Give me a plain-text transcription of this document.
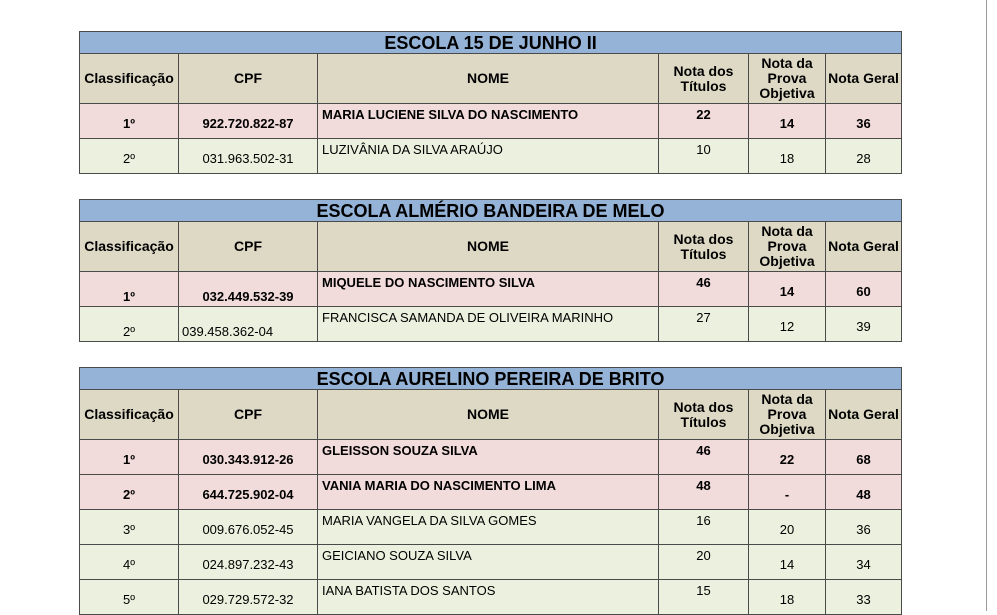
ESCOLA 15 DE JUNHO II					
Classificação	CPF	NOME	Nota dos Títulos	Nota da Prova Objetiva	Nota Geral
1º	922.720.822-87	MARIA LUCIENE SILVA DO NASCIMENTO	22	14	36
2º	031.963.502-31	LUZIVÂNIA DA SILVA ARAÚJO	10	18	28
ESCOLA ALMÉRIO BANDEIRA DE MELO					
Classificação	CPF	NOME	Nota dos Títulos	Nota da Prova Objetiva	Nota Geral
1º	032.449.532-39	MIQUELE DO NASCIMENTO SILVA	46	14	60
2º	039.458.362-04	FRANCISCA SAMANDA DE OLIVEIRA MARINHO	27	12	39
ESCOLA AURELINO PEREIRA DE BRITO					
Classificação	CPF	NOME	Nota dos Títulos	Nota da Prova Objetiva	Nota Geral
1º	030.343.912-26	GLEISSON SOUZA SILVA	46	22	68
2º	644.725.902-04	VANIA MARIA DO NASCIMENTO LIMA	48	-	48
3º	009.676.052-45	MARIA VANGELA DA SILVA GOMES	16	20	36
4º	024.897.232-43	GEICIANO SOUZA SILVA	20	14	34
5º	029.729.572-32	IANA BATISTA DOS SANTOS	15	18	33
